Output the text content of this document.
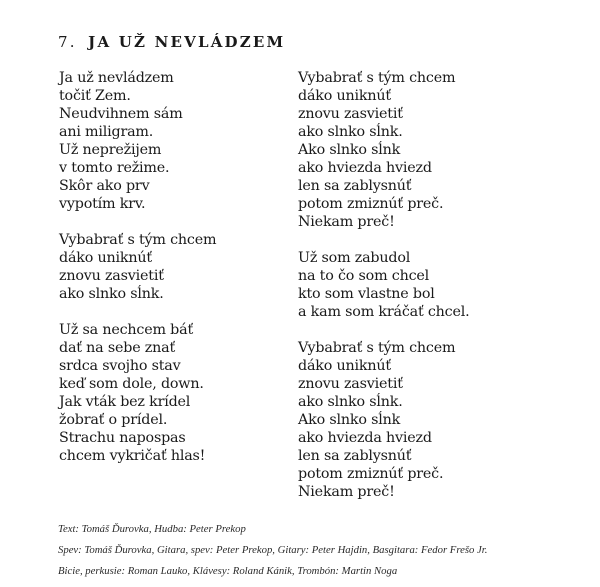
7. JA UŽ NEVLÁDZEM
Ja už nevládzem
točiť Zem.
Neudvihnem sám
ani miligram.
Už neprežijem
v tomto režime.
Skôr ako prv
vypotím krv.
Vybabrať s tým chcem
dáko uniknúť
znovu zasvietiť
ako slnko sĺnk.
Už sa nechcem báť
dať na sebe znať
srdca svojho stav
keď som dole, down.
Jak vták bez krídel
žobrať o prídel.
Strachu napospas
chcem vykričať hlas!
Vybabrať s tým chcem
dáko uniknúť
znovu zasvietiť
ako slnko sĺnk.
Ako slnko sĺnk
ako hviezda hviezd
len sa zablysnúť
potom zmiznúť preč.
Niekam preč!
Už som zabudol
na to čo som chcel
kto som vlastne bol
a kam som kráčať chcel.
Vybabrať s tým chcem
dáko uniknúť
znovu zasvietiť
ako slnko sĺnk.
Ako slnko sĺnk
ako hviezda hviezd
len sa zablysnúť
potom zmiznúť preč.
Niekam preč!
Text: Tomáš Ďurovka, Hudba: Peter Prekop
Spev: Tomáš Ďurovka, Gitara, spev: Peter Prekop, Gitary: Peter Hajdin, Basgitara: Fedor Frešo Jr.
Bicie, perkusie: Roman Lauko, Klávesy: Roland Kánik, Trombón: Martin Noga
